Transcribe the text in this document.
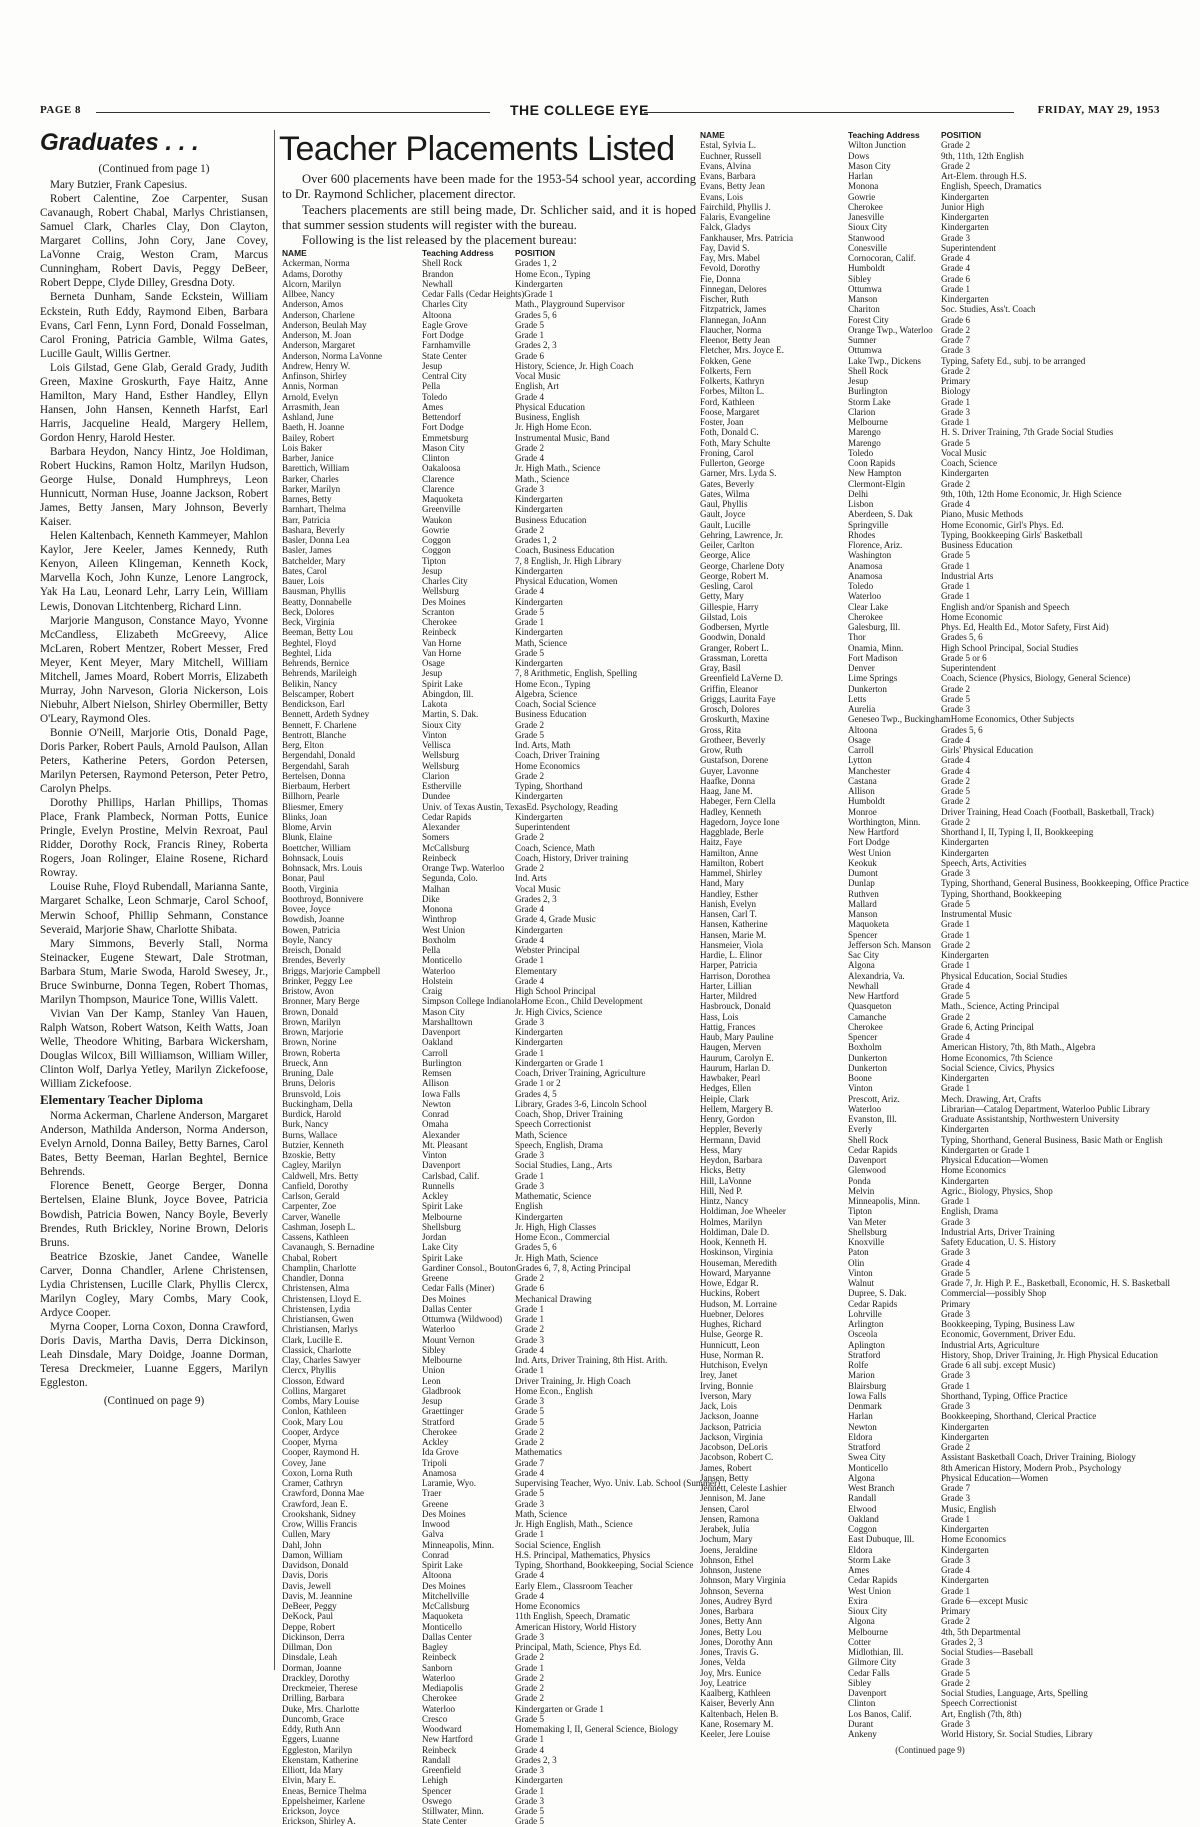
PAGE 8	THE COLLEGE EYE	FRIDAY, MAY 29, 1953
Graduates . . .

(Continued from page 1)

Mary Butzier, Frank Capesius.

Robert Calentine, Zoe Carpenter, Susan Cavanaugh, Robert Chabal, Marlys Christiansen, Samuel Clark, Charles Clay, Don Clayton, Margaret Collins, John Cory, Jane Covey, LaVonne Craig, Weston Cram, Marcus Cunningham, Robert Davis, Peggy DeBeer, Robert Deppe, Clyde Dilley, Gresdna Doty.

Berneta Dunham, Sande Eckstein, William Eckstein, Ruth Eddy, Raymond Eiben, Barbara Evans, Carl Fenn, Lynn Ford, Donald Fosselman, Carol Froning, Patricia Gamble, Wilma Gates, Lucille Gault, Willis Gertner.

Lois Gilstad, Gene Glab, Gerald Grady, Judith Green, Maxine Groskurth, Faye Haitz, Anne Hamilton, Mary Hand, Esther Handley, Ellyn Hansen, John Hansen, Kenneth Harfst, Earl Harris, Jacqueline Heald, Margery Hellem, Gordon Henry, Harold Hester.

Barbara Heydon, Nancy Hintz, Joe Holdiman, Robert Huckins, Ramon Holtz, Marilyn Hudson, George Hulse, Donald Humphreys, Leon Hunnicutt, Norman Huse, Joanne Jackson, Robert James, Betty Jansen, Mary Johnson, Beverly Kaiser.

Helen Kaltenbach, Kenneth Kammeyer, Mahlon Kaylor, Jere Keeler, James Kennedy, Ruth Kenyon, Aileen Klingeman, Kenneth Kock, Marvella Koch, John Kunze, Lenore Langrock, Yak Ha Lau, Leonard Lehr, Larry Lein, William Lewis, Donovan Litchtenberg, Richard Linn.

Marjorie Manguson, Constance Mayo, Yvonne McCandless, Elizabeth McGreevy, Alice McLaren, Robert Mentzer, Robert Messer, Fred Meyer, Kent Meyer, Mary Mitchell, William Mitchell, James Moard, Robert Morris, Elizabeth Murray, John Narveson, Gloria Nickerson, Lois Niebuhr, Albert Nielson, Shirley Obermiller, Betty O'Leary, Raymond Oles.

Bonnie O'Neill, Marjorie Otis, Donald Page, Doris Parker, Robert Pauls, Arnold Paulson, Allan Peters, Katherine Peters, Gordon Petersen, Marilyn Petersen, Raymond Peterson, Peter Petro, Carolyn Phelps.

Dorothy Phillips, Harlan Phillips, Thomas Place, Frank Plambeck, Norman Potts, Eunice Pringle, Evelyn Prostine, Melvin Rexroat, Paul Ridder, Dorothy Rock, Francis Riney, Roberta Rogers, Joan Rolinger, Elaine Rosene, Richard Rowray.

Louise Ruhe, Floyd Rubendall, Marianna Sante, Margaret Schalke, Leon Schmarje, Carol Schoof, Merwin Schoof, Phillip Sehmann, Constance Severaid, Marjorie Shaw, Charlotte Shibata.

Mary Simmons, Beverly Stall, Norma Steinacker, Eugene Stewart, Dale Strotman, Barbara Stum, Marie Swoda, Harold Swesey, Jr., Bruce Swinburne, Donna Tegen, Robert Thomas, Marilyn Thompson, Maurice Tone, Willis Valett.

Vivian Van Der Kamp, Stanley Van Hauen, Ralph Watson, Robert Watson, Keith Watts, Joan Welle, Theodore Whiting, Barbara Wickersham, Douglas Wilcox, Bill Williamson, William Willer, Clinton Wolf, Darlya Yetley, Marilyn Zickefoose, William Zickefoose.

Elementary Teacher Diploma

Norma Ackerman, Charlene Anderson, Margaret Anderson, Mathilda Anderson, Norma Anderson, Evelyn Arnold, Donna Bailey, Betty Barnes, Carol Bates, Betty Beeman, Harlan Beghtel, Bernice Behrends.

Florence Benett, George Berger, Donna Bertelsen, Elaine Blunk, Joyce Bovee, Patricia Bowdish, Patricia Bowen, Nancy Boyle, Beverly Brendes, Ruth Brickley, Norine Brown, Deloris Bruns.

Beatrice Bzoskie, Janet Candee, Wanelle Carver, Donna Chandler, Arlene Christensen, Lydia Christensen, Lucille Clark, Phyllis Clercx, Marilyn Cogley, Mary Combs, Mary Cook, Ardyce Cooper.

Myrna Cooper, Lorna Coxon, Donna Crawford, Doris Davis, Martha Davis, Derra Dickinson, Leah Dinsdale, Mary Doidge, Joanne Dorman, Teresa Dreckmeier, Luanne Eggers, Marilyn Eggleston.

(Continued on page 9)

Teacher Placements Listed

Over 600 placements have been made for the 1953-54 school year, according to Dr. Raymond Schlicher, placement director.

Teachers placements are still being made, Dr. Schlicher said, and it is hoped that summer session students will register with the bureau.

Following is the list released by the placement bureau:

NAME	Teaching Address	POSITION
Ackerman, Norma	Shell Rock	Grades 1, 2
Adams, Dorothy	Brandon	Home Econ., Typing
Alcorn, Marilyn	Newhall	Kindergarten
Allbee, Nancy	Cedar Falls (Cedar Heights) Grade 1
Anderson, Amos	Charles City	Math., Playground Supervisor
Anderson, Charlene	Altoona	Grades 5, 6
Anderson, Beulah May	Eagle Grove	Grade 5
Anderson, M. Joan	Fort Dodge	Grade 1
Anderson, Margaret	Farnhamville	Grades 2, 3
Anderson, Norma LaVonne	State Center	Grade 6
Andrew, Henry W.	Jesup	History, Science, Jr. High Coach
Anfinson, Shirley	Central City	Vocal Music
Annis, Norman	Pella	English, Art
Arnold, Evelyn	Toledo	Grade 4
Arrasmith, Jean	Ames	Physical Education
Ashland, June	Bettendorf	Business, English
Baeth, H. Joanne	Fort Dodge	Jr. High Home Econ.
Bailey, Robert	Emmetsburg	Instrumental Music, Band
Lois Baker	Mason City	Grade 2
Barber, Janice	Clinton	Grade 4
Barettich, William	Oakaloosa	Jr. High Math., Science
Barker, Charles	Clarence	Math., Science
Barker, Marilyn	Clarence	Grade 3
Barnes, Betty	Maquoketa	Kindergarten
Barnhart, Thelma	Greenville	Kindergarten
Barr, Patricia	Waukon	Business Education
Bashara, Beverly	Gowrie	Grade 2
Basler, Donna Lea	Coggon	Grades 1, 2
Basler, James	Coggon	Coach, Business Education
Batchelder, Mary	Tipton	7, 8 English, Jr. High Library
Bates, Carol	Jesup	Kindergarten
Bauer, Lois	Charles City	Physical Education, Women
Bausman, Phyllis	Wellsburg	Grade 4
Beatty, Donnabelle	Des Moines	Kindergarten
Beck, Dolores	Scranton	Grade 5
Beck, Virginia	Cherokee	Grade 1
Beeman, Betty Lou	Reinbeck	Kindergarten
Beghtel, Floyd	Van Horne	Math, Science
Beghtel, Lida	Van Horne	Grade 5
Behrends, Bernice	Osage	Kindergarten
Behrends, Marileigh	Jesup	7, 8 Arithmetic, English, Spelling
Belikin, Nancy	Spirit Lake	Home Econ., Typing
Belscamper, Robert	Abingdon, Ill.	Algebra, Science
Bendickson, Earl	Lakota	Coach, Social Science
Bennett, Ardeth Sydney	Martin, S. Dak.	Business Education
Bennett, F. Charlene	Sioux City	Grade 2
Bentrott, Blanche	Vinton	Grade 5
Berg, Elton	Vellisca	Ind. Arts, Math
Bergendahl, Donald	Wellsburg	Coach, Driver Training
Bergendahl, Sarah	Wellsburg	Home Economics
Bertelsen, Donna	Clarion	Grade 2
Bierbaum, Herbert	Estherville	Typing, Shorthand
Billhorn, Pearle	Dundee	Kindergarten
Bliesmer, Emery	Univ. of Texas Austin, Texas Ed. Psychology, Reading
Blinks, Joan	Cedar Rapids	Kindergarten
Blome, Arvin	Alexander	Superintendent
Blunk, Elaine	Somers	Grade 2
Boettcher, William	McCallsburg	Coach, Science, Math
Bohnsack, Louis	Reinbeck	Coach, History, Driver training
Bohnsack, Mrs. Louis	Orange Twp. Waterloo	Grade 2
Bonar, Paul	Segunda, Colo.	Ind. Arts
Booth, Virginia	Malhan	Vocal Music
Boothroyd, Bonnivere	Dike	Grades 2, 3
Bovee, Joyce	Monona	Grade 4
Bowdish, Joanne	Winthrop	Grade 4, Grade Music
Bowen, Patricia	West Union	Kindergarten
Boyle, Nancy	Boxholm	Grade 4
Breisch, Donald	Pella	Webster Principal
Brendes, Beverly	Monticello	Grade 1
Briggs, Marjorie Campbell	Waterloo	Elementary
Brinker, Peggy Lee	Holstein	Grade 4
Bristow, Avon	Craig	High School Principal
Bronner, Mary Berge	Simpson College Indianola Home Econ., Child Development
Brown, Donald	Mason City	Jr. High Civics, Science
Brown, Marilyn	Marshalltown	Grade 3
Brown, Marjorie	Davenport	Kindergarten
Brown, Norine	Oakland	Kindergarten
Brown, Roberta	Carroll	Grade 1
Brueck, Ann	Burlington	Kindergarten or Grade 1
Bruning, Dale	Remsen	Coach, Driver Training, Agriculture
Bruns, Deloris	Allison	Grade 1 or 2
Brunsvold, Lois	Iowa Falls	Grades 4, 5
Buckingham, Della	Newton	Library, Grades 3-6, Lincoln School
Burdick, Harold	Conrad	Coach, Shop, Driver Training
Burk, Nancy	Omaha	Speech Correctionist
Burns, Wallace	Alexander	Math, Science
Butzier, Kenneth	Mt. Pleasant	Speech, English, Drama
Bzoskie, Betty	Vinton	Grade 3
Cagley, Marilyn	Davenport	Social Studies, Lang., Arts
Caldwell, Mrs. Betty	Carlsbad, Calif.	Grade 1
Canfield, Dorothy	Runnells	Grade 3
Carlson, Gerald	Ackley	Mathematic, Science
Carpenter, Zoe	Spirit Lake	English
Carver, Wanelle	Melbourne	Kindergarten
Cashman, Joseph L.	Shellsburg	Jr. High, High Classes
Cassens, Kathleen	Jordan	Home Econ., Commercial
Cavanaugh, S. Bernadine	Lake City	Grades 5, 6
Chabal, Robert	Spirit Lake	Jr. High Math, Science
Champlin, Charlotte	Gardiner Consol., Bouton Grades 6, 7, 8, Acting Principal
Chandler, Donna	Greene	Grade 2
Christensen, Alma	Cedar Falls (Miner)	Grade 6
Christensen, Lloyd E.	Des Moines	Mechanical Drawing
Christensen, Lydia	Dallas Center	Grade 1
Christiansen, Gwen	Ottumwa (Wildwood)	Grade 1
Christiansen, Marlys	Waterloo	Grade 2
Clark, Lucille E.	Mount Vernon	Grade 3
Classick, Charlotte	Sibley	Grade 4
Clay, Charles Sawyer	Melbourne	Ind. Arts, Driver Training, 8th Hist. Arith.
Clercx, Phyllis	Union	Grade 1
Closson, Edward	Leon	Driver Training, Jr. High Coach
Collins, Margaret	Gladbrook	Home Econ., English
Combs, Mary Louise	Jesup	Grade 3
Conlon, Kathleen	Graettinger	Grade 5
Cook, Mary Lou	Stratford	Grade 5
Cooper, Ardyce	Cherokee	Grade 2
Cooper, Myrna	Ackley	Grade 2
Cooper, Raymond H.	Ida Grove	Mathematics
Covey, Jane	Tripoli	Grade 7
Coxon, Lorna Ruth	Anamosa	Grade 4
Cramer, Cathryn	Laramie, Wyo.	Supervising Teacher, Wyo. Univ. Lab. School (Summer)
Crawford, Donna Mae	Traer	Grade 5
Crawford, Jean E.	Greene	Grade 3
Crookshank, Sidney	Des Moines	Math, Science
Crow, Willis Francis	Inwood	Jr. High English, Math., Science
Cullen, Mary	Galva	Grade 1
Dahl, John	Minneapolis, Minn.	Social Science, English
Damon, William	Conrad	H.S. Principal, Mathematics, Physics
Davidson, Donald	Spirit Lake	Typing, Shorthand, Bookkeeping, Social Science
Davis, Doris	Altoona	Grade 4
Davis, Jewell	Des Moines	Early Elem., Classroom Teacher
Davis, M. Jeannine	Mitchellville	Grade 4
DeBeer, Peggy	McCallsburg	Home Economics
DeKock, Paul	Maquoketa	11th English, Speech, Dramatic
Deppe, Robert	Monticello	American History, World History
Dickinson, Derra	Dallas Center	Grade 3
Dillman, Don	Bagley	Principal, Math, Science, Phys Ed.
Dinsdale, Leah	Reinbeck	Grade 2
Dorman, Joanne	Sanborn	Grade 1
Drackley, Dorothy	Waterloo	Grade 2
Dreckmeier, Therese	Mediapolis	Grade 2
Drilling, Barbara	Cherokee	Grade 2
Duke, Mrs. Charlotte	Waterloo	Kindergarten or Grade 1
Duncomb, Grace	Cresco	Grade 5
Eddy, Ruth Ann	Woodward	Homemaking I, II, General Science, Biology
Eggers, Luanne	New Hartford	Grade 1
Eggleston, Marilyn	Reinbeck	Grade 4
Ekenstam, Katherine	Randall	Grades 2, 3
Elliott, Ida Mary	Greenfield	Grade 3
Elvin, Mary E.	Lehigh	Kindergarten
Eneas, Bernice Thelma	Spencer	Grade 1
Eppelsheimer, Karlene	Oswego	Grade 3
Erickson, Joyce	Stillwater, Minn.	Grade 5
Erickson, Shirley A.	State Center	Grade 5
NAME	Teaching Address	POSITION
Estal, Sylvia L.	Wilton Junction	Grade 2
Euchner, Russell	Dows	9th, 11th, 12th English
Evans, Alvina	Mason City	Grade 2
Evans, Barbara	Harlan	Art-Elem. through H.S.
Evans, Betty Jean	Monona	English, Speech, Dramatics
Evans, Lois	Gowrie	Kindergarten
Fairchild, Phyllis J.	Cherokee	Junior High
Falaris, Evangeline	Janesville	Kindergarten
Falck, Gladys	Sioux City	Kindergarten
Fankhauser, Mrs. Patricia	Stanwood	Grade 3
Fay, David S.	Conesville	Superintendent
Fay, Mrs. Mabel	Cornocoran, Calif.	Grade 4
Fevold, Dorothy	Humboldt	Grade 4
Fie, Donna	Sibley	Grade 6
Finnegan, Delores	Ottumwa	Grade 1
Fischer, Ruth	Manson	Kindergarten
Fitzpatrick, James	Chariton	Soc. Studies, Ass't. Coach
Flannegan, JoAnn	Forest City	Grade 6
Flaucher, Norma	Orange Twp., Waterloo Grade 2
Fleenor, Betty Jean	Sumner	Grade 7
Fletcher, Mrs. Joyce E.	Ottumwa	Grade 3
Fokken, Gene	Lake Twp., Dickens	Typing, Safety Ed., subj. to be arranged
Folkerts, Fern	Shell Rock	Grade 2
Folkerts, Kathryn	Jesup	Primary
Forbes, Milton L.	Burlington	Biology
Ford, Kathleen	Storm Lake	Grade 1
Foose, Margaret	Clarion	Grade 3
Foster, Joan	Melbourne	Grade 1
Foth, Donald C.	Marengo	H. S. Driver Training, 7th Grade Social Studies
Foth, Mary Schulte	Marengo	Grade 5
Froning, Carol	Toledo	Vocal Music
Fullerton, George	Coon Rapids	Coach, Science
Garner, Mrs. Lyda S.	New Hampton	Kindergarten
Gates, Beverly	Clermont-Elgin	Grade 2
Gates, Wilma	Delhi	9th, 10th, 12th Home Economic, Jr. High Science
Gaul, Phyllis	Lisbon	Grade 4
Gault, Joyce	Aberdeen, S. Dak	Piano, Music Methods
Gault, Lucille	Springville	Home Economic, Girl's Phys. Ed.
Gehring, Lawrence, Jr.	Rhodes	Typing, Bookkeeping Girls' Basketball
Geiler, Carlton	Florence, Ariz.	Business Education
George, Alice	Washington	Grade 5
George, Charlene Doty	Anamosa	Grade 1
George, Robert M.	Anamosa	Industrial Arts
Gesling, Carol	Toledo	Grade 1
Getty, Mary	Waterloo	Grade 1
Gillespie, Harry	Clear Lake	English and/or Spanish and Speech
Gilstad, Lois	Cherokee	Home Economic
Godbersen, Myrtle	Galesburg, Ill.	Phys. Ed, Health Ed., Motor Safety, First Aid)
Goodwin, Donald	Thor	Grades 5, 6
Granger, Robert L.	Onamia, Minn.	High School Principal, Social Studies
Grassman, Loretta	Fort Madison	Grade 5 or 6
Gray, Basil	Denver	Superintendent
Greenfield LaVerne D.	Lime Springs	Coach, Science (Physics, Biology, General Science)
Griffin, Eleanor	Dunkerton	Grade 2
Griggs, Laurita Faye	Letts	Grade 5
Grosch, Dolores	Aurelia	Grade 3
Groskurth, Maxine	Geneseo Twp., Buckingham Home Economics, Other Subjects
Gross, Rita	Altoona	Grades 5, 6
Grotheer, Beverly	Osage	Grade 4
Grow, Ruth	Carroll	Girls' Physical Education
Gustafson, Dorene	Lytton	Grade 4
Guyer, Lavonne	Manchester	Grade 4
Haafke, Donna	Castana	Grade 2
Haag, Jane M.	Allison	Grade 5
Habeger, Fern Clella	Humboldt	Grade 2
Hadley, Kenneth	Monroe	Driver Training, Head Coach (Football, Basketball, Track)
Hagedorn, Joyce Ione	Worthington, Minn.	Grade 2
Haggblade, Berle	New Hartford	Shorthand I, II, Typing I, II, Bookkeeping
Haitz, Faye	Fort Dodge	Kindergarten
Hamilton, Anne	West Union	Kindergarten
Hamilton, Robert	Keokuk	Speech, Arts, Activities
Hammel, Shirley	Dumont	Grade 3
Hand, Mary	Dunlap	Typing, Shorthand, General Business, Bookkeeping, Office Practice
Handley, Esther	Ruthven	Typing, Shorthand, Bookkeeping
Hanish, Evelyn	Mallard	Grade 5
Hansen, Carl T.	Manson	Instrumental Music
Hansen, Katherine	Maquoketa	Grade 1
Hansen, Marie M.	Spencer	Grade 1
Hansmeier, Viola	Jefferson Sch. Manson	Grade 2
Hardie, L. Elinor	Sac City	Kindergarten
Harper, Patricia	Algona	Grade 1
Harrison, Dorothea	Alexandria, Va.	Physical Education, Social Studies
Harter, Lillian	Newhall	Grade 4
Harter, Mildred	New Hartford	Grade 5
Hasbrouck, Donald	Quasqueton	Math., Science, Acting Principal
Hass, Lois	Camanche	Grade 2
Hattig, Frances	Cherokee	Grade 6, Acting Principal
Haub, Mary Pauline	Spencer	Grade 4
Haugen, Merven	Boxholm	American History, 7th, 8th Math., Algebra
Haurum, Carolyn E.	Dunkerton	Home Economics, 7th Science
Haurum, Harlan D.	Dunkerton	Social Science, Civics, Physics
Hawbaker, Pearl	Boone	Kindergarten
Hedges, Ellen	Vinton	Grade 1
Heiple, Clark	Prescott, Ariz.	Mech. Drawing, Art, Crafts
Hellem, Margery B.	Waterloo	Librarian—Catalog Department, Waterloo Public Library
Henry, Gordon	Evanston, Ill.	Graduate Assistantship, Northwestern University
Heppler, Beverly	Everly	Kindergarten
Hermann, David	Shell Rock	Typing, Shorthand, General Business, Basic Math or English
Hess, Mary	Cedar Rapids	Kindergarten or Grade 1
Heydon, Barbara	Davenport	Physical Education—Women
Hicks, Betty	Glenwood	Home Economics
Hill, LaVonne	Ponda	Kindergarten
Hill, Ned P.	Melvin	Agric., Biology, Physics, Shop
Hintz, Nancy	Minneapolis, Minn.	Grade 1
Holdiman, Joe Wheeler	Tipton	English, Drama
Holmes, Marilyn	Van Meter	Grade 3
Holdiman, Dale D.	Shellsburg	Industrial Arts, Driver Training
Hook, Kenneth H.	Knoxville	Safety Education, U. S. History
Hoskinson, Virginia	Paton	Grade 3
Houseman, Meredith	Olin	Grade 4
Howard, Maryanne	Vinton	Grade 5
Howe, Edgar R.	Walnut	Grade 7, Jr. High P. E., Basketball, Economic, H. S. Basketball
Huckins, Robert	Dupree, S. Dak.	Commercial—possibly Shop
Hudson, M. Lorraine	Cedar Rapids	Primary
Huebner, Delores	Lohrville	Grade 3
Hughes, Richard	Arlington	Bookkeeping, Typing, Business Law
Hulse, George R.	Osceola	Economic, Government, Driver Edu.
Hunnicutt, Leon	Aplington	Industrial Arts, Agriculture
Huse, Norman R.	Stratford	History, Shop, Driver Training, Jr. High Physical Education
Hutchison, Evelyn	Rolfe	Grade 6 all subj. except Music)
Irey, Janet	Marion	Grade 3
Irving, Bonnie	Blairsburg	Grade 1
Iverson, Mary	Iowa Falls	Shorthand, Typing, Office Practice
Jack, Lois	Denmark	Grade 3
Jackson, Joanne	Harlan	Bookkeeping, Shorthand, Clerical Practice
Jackson, Patricia	Newton	Kindergarten
Jackson, Virginia	Eldora	Kindergarten
Jacobson, DeLoris	Stratford	Grade 2
Jacobson, Robert C.	Swea City	Assistant Basketball Coach, Driver Training, Biology
James, Robert	Monticello	8th American History, Modern Prob., Psychology
Jansen, Betty	Algona	Physical Education—Women
Jennett, Celeste Lashier	West Branch	Grade 7
Jennison, M. Jane	Randall	Grade 3
Jensen, Carol	Elwood	Music, English
Jensen, Ramona	Oakland	Grade 1
Jerabek, Julia	Coggon	Kindergarten
Jochum, Mary	East Dubuque, Ill.	Home Economics
Joens, Jeraldine	Eldora	Kindergarten
Johnson, Ethel	Storm Lake	Grade 3
Johnson, Justene	Ames	Grade 4
Johnson, Mary Virginia	Cedar Rapids	Kindergarten
Johnson, Severna	West Union	Grade 1
Jones, Audrey Byrd	Exira	Grade 6—except Music
Jones, Barbara	Sioux City	Primary
Jones, Betty Ann	Algona	Grade 2
Jones, Betty Lou	Melbourne	4th, 5th Departmental
Jones, Dorothy Ann	Cotter	Grades 2, 3
Jones, Travis G.	Midlothian, Ill.	Social Studies—Baseball
Jones, Velda	Gilmore City	Grade 3
Joy, Mrs. Eunice	Cedar Falls	Grade 5
Joy, Leatrice	Sibley	Grade 2
Kaalberg, Kathleen	Davenport	Social Studies, Language, Arts, Spelling
Kaiser, Beverly Ann	Clinton	Speech Correctionist
Kaltenbach, Helen B.	Los Banos, Calif.	Art, English (7th, 8th)
Kane, Rosemary M.	Durant	Grade 3
Keeler, Jere Louise	Ankeny	World History, Sr. Social Studies, Library
(Continued page 9)
